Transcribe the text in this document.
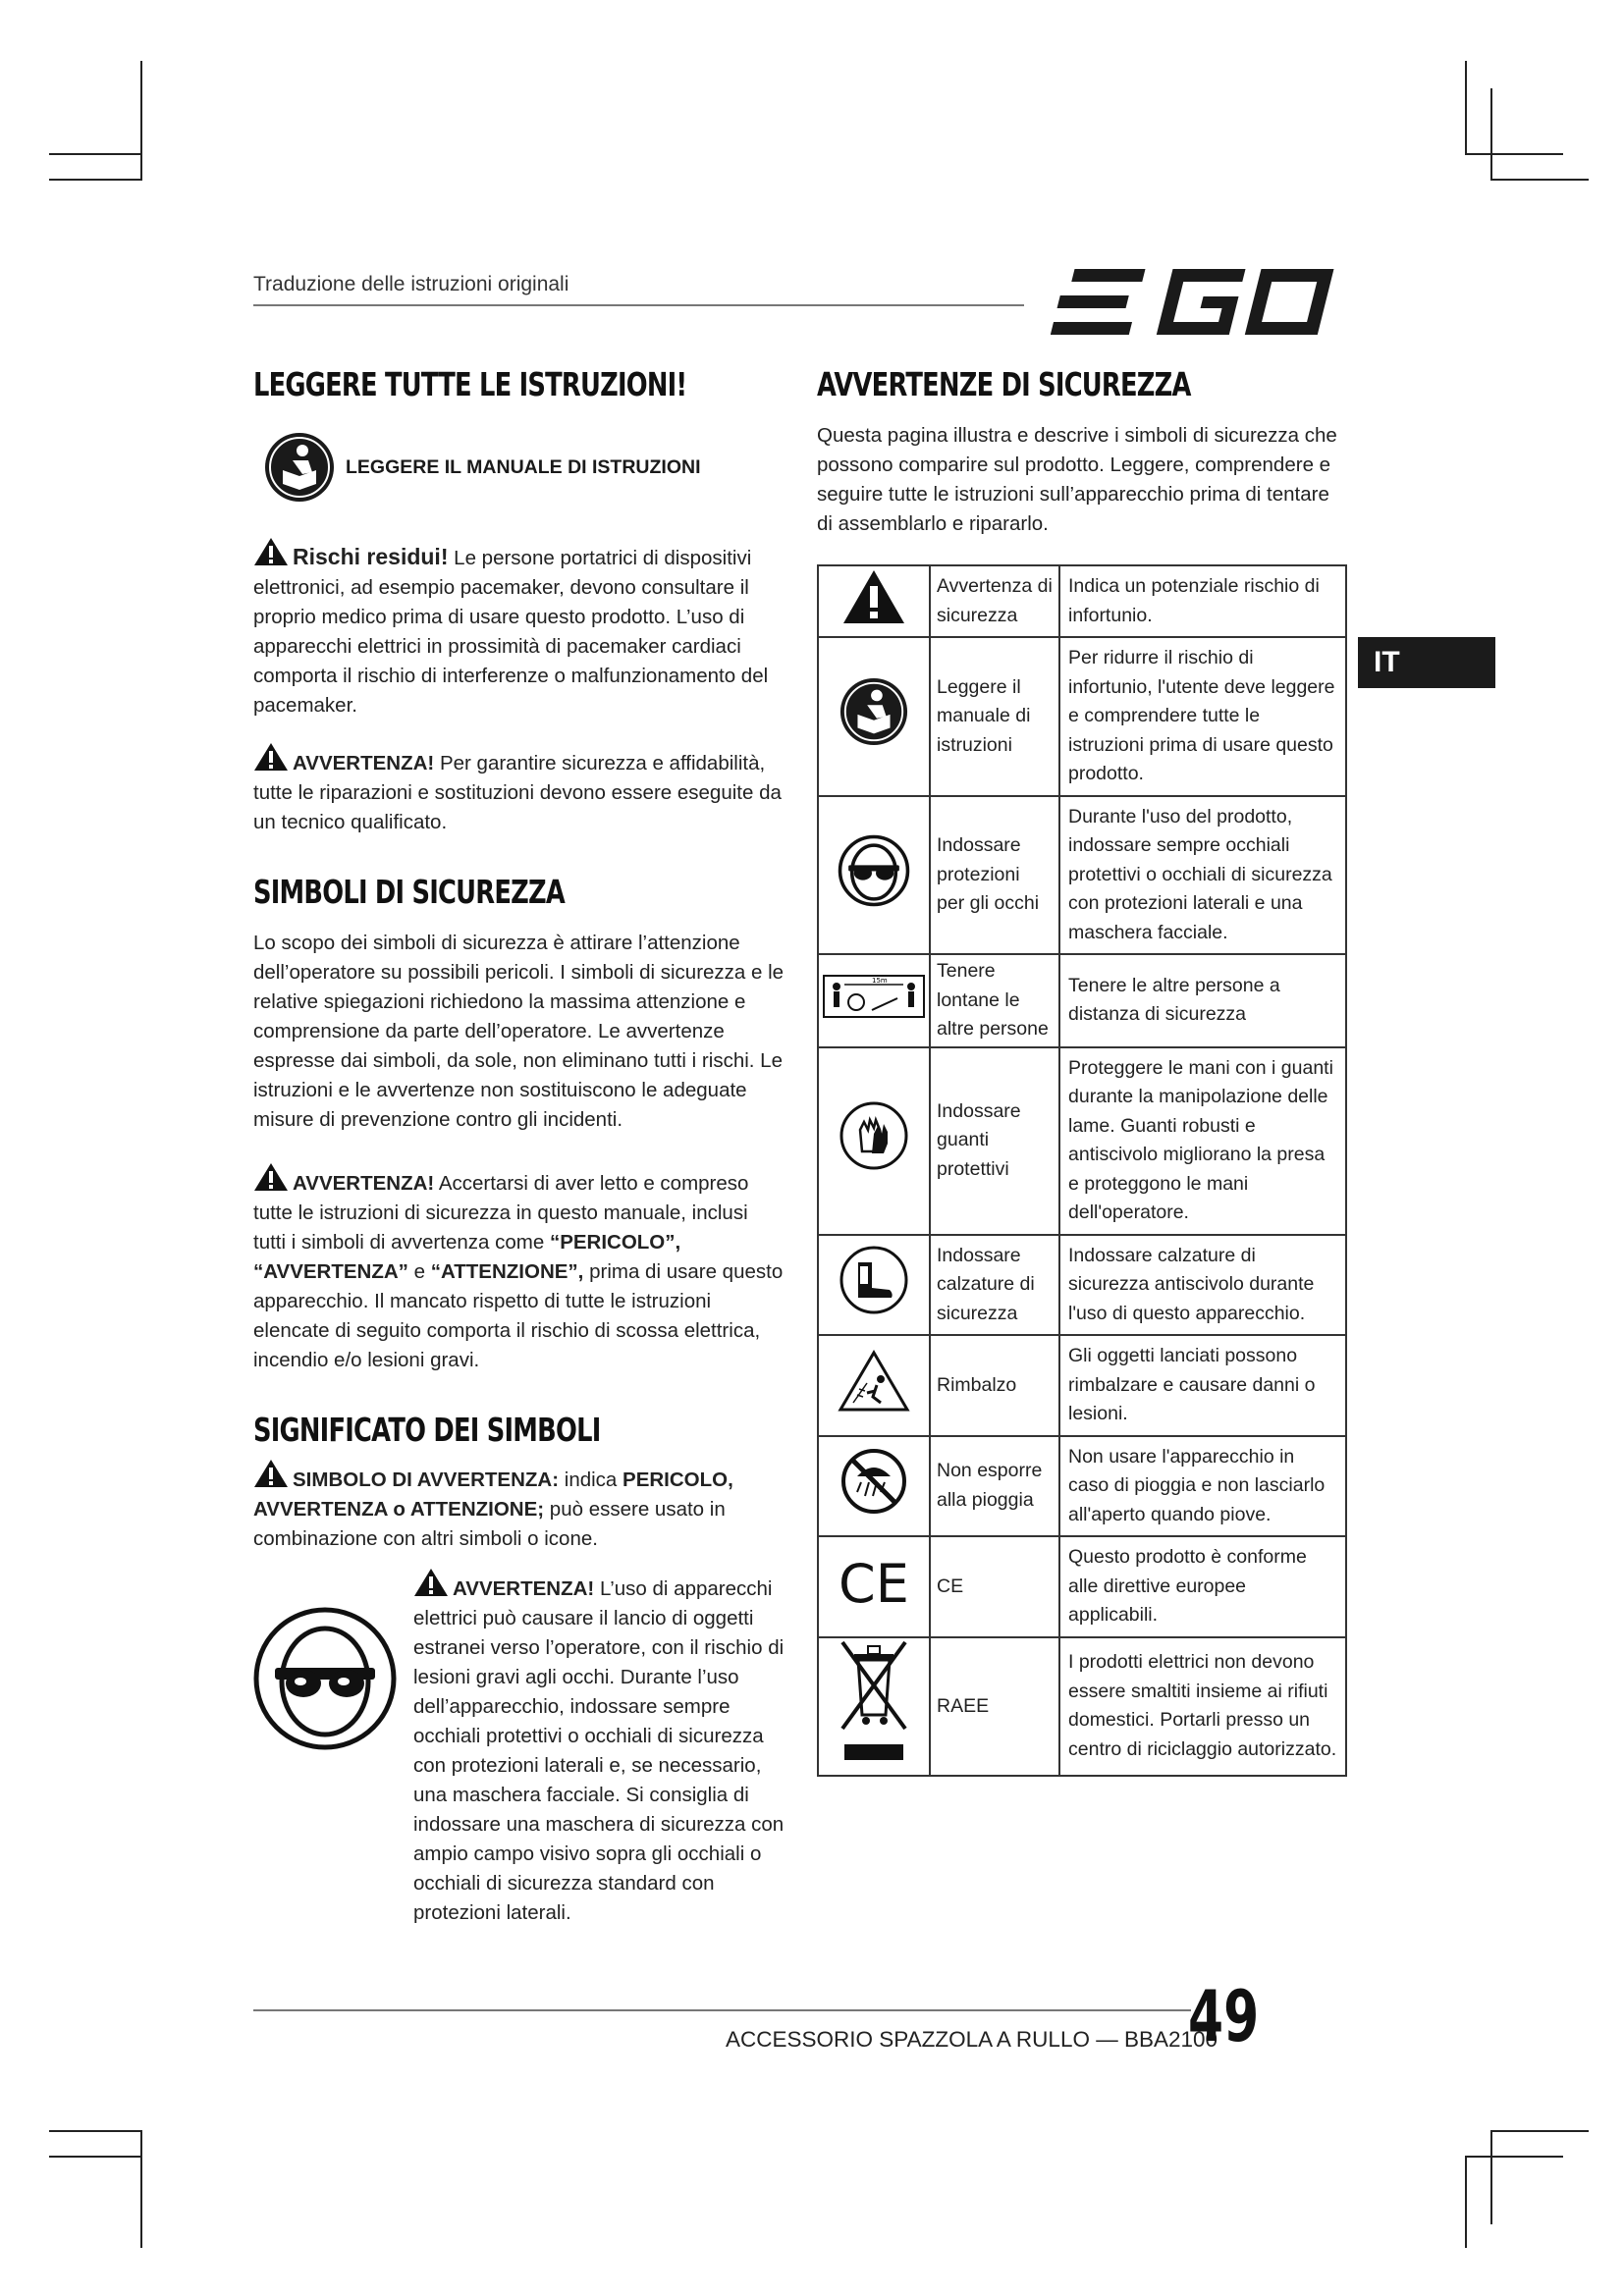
Traduzione delle istruzioni originali
EGO
IT
LEGGERE TUTTE LE ISTRUZIONI!
LEGGERE IL MANUALE DI ISTRUZIONI

Rischi residui! Le persone portatrici di dispositivi elettronici, ad esempio pacemaker, devono consultare il proprio medico prima di usare questo prodotto. L’uso di apparecchi elettrici in prossimità di pacemaker cardiaci comporta il rischio di interferenze o malfunzionamento del pacemaker.

AVVERTENZA! Per garantire sicurezza e affidabilità, tutte le riparazioni e sostituzioni devono essere eseguite da un tecnico qualificato.

SIMBOLI DI SICUREZZA

Lo scopo dei simboli di sicurezza è attirare l’attenzione dell’operatore su possibili pericoli. I simboli di sicurezza e le relative spiegazioni richiedono la massima attenzione e comprensione da parte dell’operatore. Le avvertenze espresse dai simboli, da sole, non eliminano tutti i rischi. Le istruzioni e le avvertenze non sostituiscono le adeguate misure di prevenzione contro gli incidenti.

AVVERTENZA! Accertarsi di aver letto e compreso tutte le istruzioni di sicurezza in questo manuale, inclusi tutti i simboli di avvertenza come “PERICOLO”, “AVVERTENZA” e “ATTENZIONE”, prima di usare questo apparecchio. Il mancato rispetto di tutte le istruzioni elencate di seguito comporta il rischio di scossa elettrica, incendio e/o lesioni gravi.

SIGNIFICATO DEI SIMBOLI

SIMBOLO DI AVVERTENZA: indica PERICOLO, AVVERTENZA o ATTENZIONE; può essere usato in combinazione con altri simboli o icone.

AVVERTENZA! L’uso di apparecchi elettrici può causare il lancio di oggetti estranei verso l’operatore, con il rischio di lesioni gravi agli occhi. Durante l’uso dell’apparecchio, indossare sempre occhiali protettivi o occhiali di sicurezza con protezioni laterali e, se necessario, una maschera facciale. Si consiglia di indossare una maschera di sicurezza con ampio campo visivo sopra gli occhiali o occhiali di sicurezza standard con protezioni laterali.

AVVERTENZE DI SICUREZZA

Questa pagina illustra e descrive i simboli di sicurezza che possono comparire sul prodotto. Leggere, comprendere e seguire tutte le istruzioni sull’apparecchio prima di tentare di assemblarlo e ripararlo.

	Avvertenza di sicurezza	Indica un potenziale rischio di infortunio.
	Leggere il manuale di istruzioni	Per ridurre il rischio di infortunio, l'utente deve leggere e comprendere tutte le istruzioni prima di usare questo prodotto.
	Indossare protezioni per gli occhi	Durante l'uso del prodotto, indossare sempre occhiali protettivi o occhiali di sicurezza con protezioni laterali e una maschera facciale.

15m	Tenere lontane le altre persone	Tenere le altre persone a distanza di sicurezza
	Indossare guanti protettivi	Proteggere le mani con i guanti durante la manipolazione delle lame. Guanti robusti e antiscivolo migliorano la presa e proteggono le mani dell'operatore.
	Indossare calzature di sicurezza	Indossare calzature di sicurezza antiscivolo durante l'uso di questo apparecchio.
	Rimbalzo	Gli oggetti lanciati possono rimbalzare e causare danni o lesioni.
	Non esporre alla pioggia	Non usare l'apparecchio in caso di pioggia e non lasciarlo all'aperto quando piove.

CE	CE	Questo prodotto è conforme alle direttive europee applicabili.
	RAEE	I prodotti elettrici non devono essere smaltiti insieme ai rifiuti domestici. Portarli presso un centro di riciclaggio autorizzato.
ACCESSORIO SPAZZOLA A RULLO — BBA2100
49
